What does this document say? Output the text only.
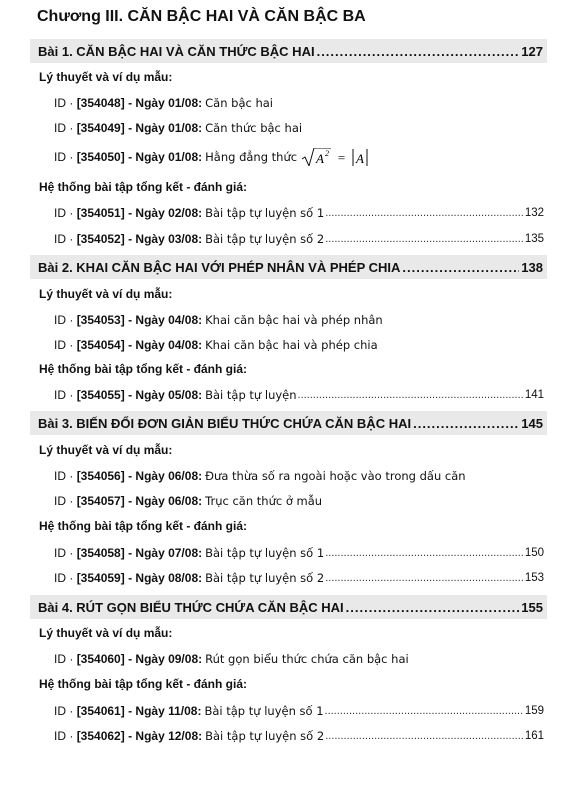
Chương III. CĂN BẬC HAI VÀ CĂN BẬC BA
Bài 1. CĂN BẬC HAI VÀ CĂN THỨC BẬC HAI .....	127
Lý thuyết và ví dụ mẫu:
ID · [354048] - Ngày 01/08: Căn bậc hai
ID · [354049] - Ngày 01/08: Căn thức bậc hai
ID · [354050] - Ngày 01/08: Hằng đẳng thức A 2 = A
Hệ thống bài tập tổng kết - đánh giá:
ID · [354051] - Ngày 02/08: Bài tập tự luyện số 1 .....	132
ID · [354052] - Ngày 03/08: Bài tập tự luyện số 2 .....	135
Bài 2. KHAI CĂN BẬC HAI VỚI PHÉP NHÂN VÀ PHÉP CHIA .....	138
Lý thuyết và ví dụ mẫu:
ID · [354053] - Ngày 04/08: Khai căn bậc hai và phép nhân
ID · [354054] - Ngày 04/08: Khai căn bậc hai và phép chia
Hệ thống bài tập tổng kết - đánh giá:
ID · [354055] - Ngày 05/08: Bài tập tự luyện .....	141
Bài 3. BIẾN ĐỔI ĐƠN GIẢN BIỂU THỨC CHỨA CĂN BẬC HAI .....	145
Lý thuyết và ví dụ mẫu:
ID · [354056] - Ngày 06/08: Đưa thừa số ra ngoài hoặc vào trong dấu căn
ID · [354057] - Ngày 06/08: Trục căn thức ở mẫu
Hệ thống bài tập tổng kết - đánh giá:
ID · [354058] - Ngày 07/08: Bài tập tự luyện số 1 .....	150
ID · [354059] - Ngày 08/08: Bài tập tự luyện số 2 .....	153
Bài 4. RÚT GỌN BIỂU THỨC CHỨA CĂN BẬC HAI .....	155
Lý thuyết và ví dụ mẫu:
ID · [354060] - Ngày 09/08: Rút gọn biểu thức chứa căn bậc hai
Hệ thống bài tập tổng kết - đánh giá:
ID · [354061] - Ngày 11/08: Bài tập tự luyện số 1 .....	159
ID · [354062] - Ngày 12/08: Bài tập tự luyện số 2 .....	161
